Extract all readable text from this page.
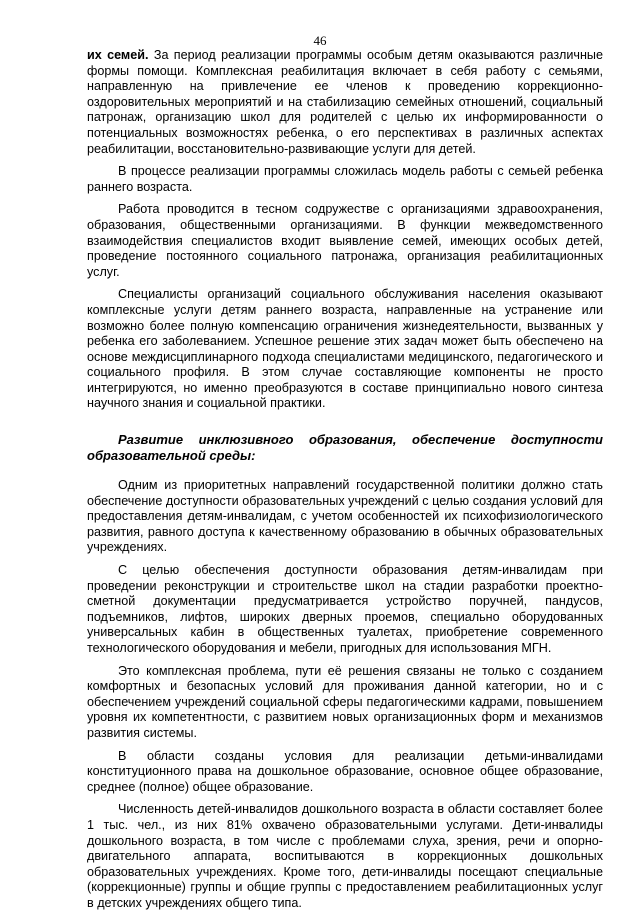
46

их семей. За период реализации программы особым детям оказываются различные формы помощи. Комплексная реабилитация включает в себя работу с семьями, направленную на привлечение ее членов к проведению коррекционно-оздоровительных мероприятий и на стабилизацию семейных отношений, социальный патронаж, организацию школ для родителей с целью их информированности о потенциальных возможностях ребенка, о его перспективах в различных аспектах реабилитации, восстановительно-развивающие услуги для детей.

В процессе реализации программы сложилась модель работы с семьей ребенка раннего возраста.

Работа проводится в тесном содружестве с организациями здравоохранения, образования, общественными организациями. В функции межведомственного взаимодействия специалистов входит выявление семей, имеющих особых детей, проведение постоянного социального патронажа, организация реабилитационных услуг.

Специалисты организаций социального обслуживания населения оказывают комплексные услуги детям раннего возраста, направленные на устранение или возможно более полную компенсацию ограничения жизнедеятельности, вызванных у ребенка его заболеванием. Успешное решение этих задач может быть обеспечено на основе междисциплинарного подхода специалистами медицинского, педагогического и социального профиля. В этом случае составляющие компоненты не просто интегрируются, но именно преобразуются в составе принципиально нового синтеза научного знания и социальной практики.

Развитие инклюзивного образования, обеспечение доступности образовательной среды:

Одним из приоритетных направлений государственной политики должно стать обеспечение доступности образовательных учреждений с целью создания условий для предоставления детям-инвалидам, с учетом особенностей их психофизиологического развития, равного доступа к качественному образованию в обычных образовательных учреждениях.

С целью обеспечения доступности образования детям-инвалидам при проведении реконструкции и строительстве школ на стадии разработки проектно-сметной документации предусматривается устройство поручней, пандусов, подъемников, лифтов, широких дверных проемов, специально оборудованных универсальных кабин в общественных туалетах, приобретение современного технологического оборудования и мебели, пригодных для использования МГН.

Это комплексная проблема, пути её решения связаны не только с созданием комфортных и безопасных условий для проживания данной категории, но и с обеспечением учреждений социальной сферы педагогическими кадрами, повышением уровня их компетентности, с развитием новых организационных форм и механизмов развития системы.

В области созданы условия для реализации детьми-инвалидами конституционного права на дошкольное образование, основное общее образование, среднее (полное) общее образование.

Численность детей-инвалидов дошкольного возраста в области составляет более 1 тыс. чел., из них 81% охвачено образовательными услугами. Дети-инвалиды дошкольного возраста, в том числе с проблемами слуха, зрения, речи и опорно-двигательного аппарата, воспитываются в коррекционных дошкольных образовательных учреждениях. Кроме того, дети-инвалиды посещают специальные (коррекционные) группы и общие группы с предоставлением реабилитационных услуг в детских учреждениях общего типа.
